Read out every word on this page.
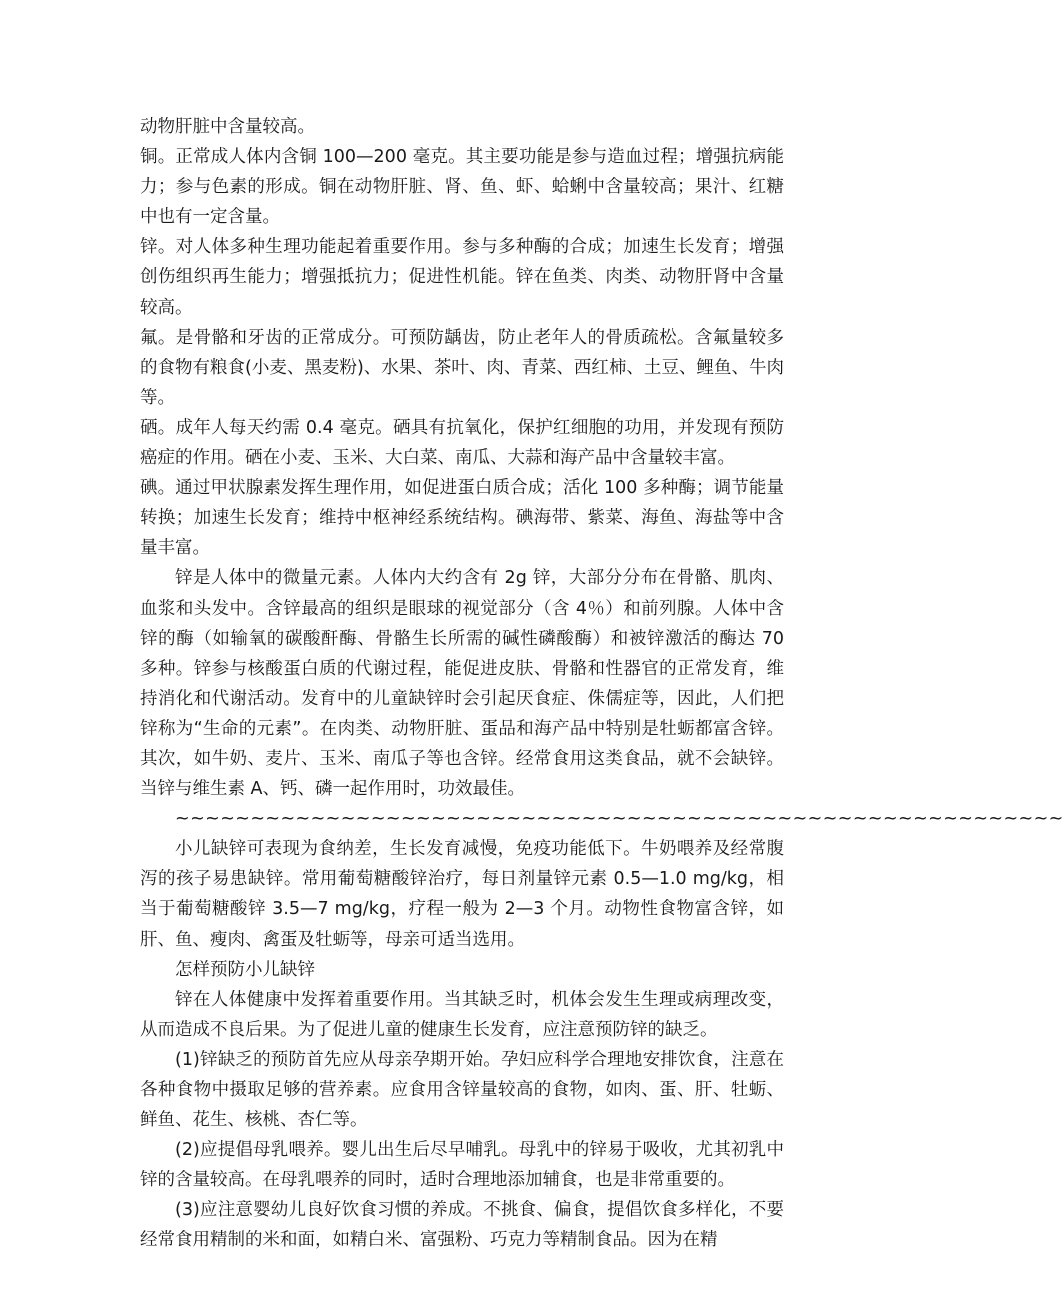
动物肝脏中含量较高。

铜。正常成人体内含铜 100—200 毫克。其主要功能是参与造血过程；增强抗病能力；参与色素的形成。铜在动物肝脏、肾、鱼、虾、蛤蜊中含量较高；果汁、红糖中也有一定含量。

锌。对人体多种生理功能起着重要作用。参与多种酶的合成；加速生长发育；增强创伤组织再生能力；增强抵抗力；促进性机能。锌在鱼类、肉类、动物肝肾中含量较高。

氟。是骨骼和牙齿的正常成分。可预防龋齿，防止老年人的骨质疏松。含氟量较多的食物有粮食(小麦、黑麦粉)、水果、茶叶、肉、青菜、西红柿、土豆、鲤鱼、牛肉等。

硒。成年人每天约需 0.4 毫克。硒具有抗氧化，保护红细胞的功用，并发现有预防癌症的作用。硒在小麦、玉米、大白菜、南瓜、大蒜和海产品中含量较丰富。

碘。通过甲状腺素发挥生理作用，如促进蛋白质合成；活化 100 多种酶；调节能量转换；加速生长发育；维持中枢神经系统结构。碘海带、紫菜、海鱼、海盐等中含量丰富。

锌是人体中的微量元素。人体内大约含有 2g 锌，大部分分布在骨骼、肌肉、血浆和头发中。含锌最高的组织是眼球的视觉部分（含 4％）和前列腺。人体中含锌的酶（如输氧的碳酸酐酶、骨骼生长所需的碱性磷酸酶）和被锌激活的酶达 70 多种。锌参与核酸蛋白质的代谢过程，能促进皮肤、骨骼和性器官的正常发育，维持消化和代谢活动。发育中的儿童缺锌时会引起厌食症、侏儒症等，因此，人们把锌称为“生命的元素”。在肉类、动物肝脏、蛋品和海产品中特别是牡蛎都富含锌。其次，如牛奶、麦片、玉米、南瓜子等也含锌。经常食用这类食品，就不会缺锌。当锌与维生素 A、钙、磷一起作用时，功效最佳。

~~~~~~~~~~~~~~~~~~~~~~~~~~~~~~~~~~~~~~~~~~~~~~~~~~~~~~~~~~~

小儿缺锌可表现为食纳差，生长发育减慢，免疫功能低下。牛奶喂养及经常腹泻的孩子易患缺锌。常用葡萄糖酸锌治疗，每日剂量锌元素 0.5—1.0 mg/kg，相当于葡萄糖酸锌 3.5—7 mg/kg，疗程一般为 2—3 个月。动物性食物富含锌，如肝、鱼、瘦肉、禽蛋及牡蛎等，母亲可适当选用。

怎样预防小儿缺锌

锌在人体健康中发挥着重要作用。当其缺乏时，机体会发生生理或病理改变，从而造成不良后果。为了促进儿童的健康生长发育，应注意预防锌的缺乏。

(1)锌缺乏的预防首先应从母亲孕期开始。孕妇应科学合理地安排饮食，注意在各种食物中摄取足够的营养素。应食用含锌量较高的食物，如肉、蛋、肝、牡蛎、鲜鱼、花生、核桃、杏仁等。

(2)应提倡母乳喂养。婴儿出生后尽早哺乳。母乳中的锌易于吸收，尤其初乳中锌的含量较高。在母乳喂养的同时，适时合理地添加辅食，也是非常重要的。

(3)应注意婴幼儿良好饮食习惯的养成。不挑食、偏食，提倡饮食多样化，不要经常食用精制的米和面，如精白米、富强粉、巧克力等精制食品。因为在精
